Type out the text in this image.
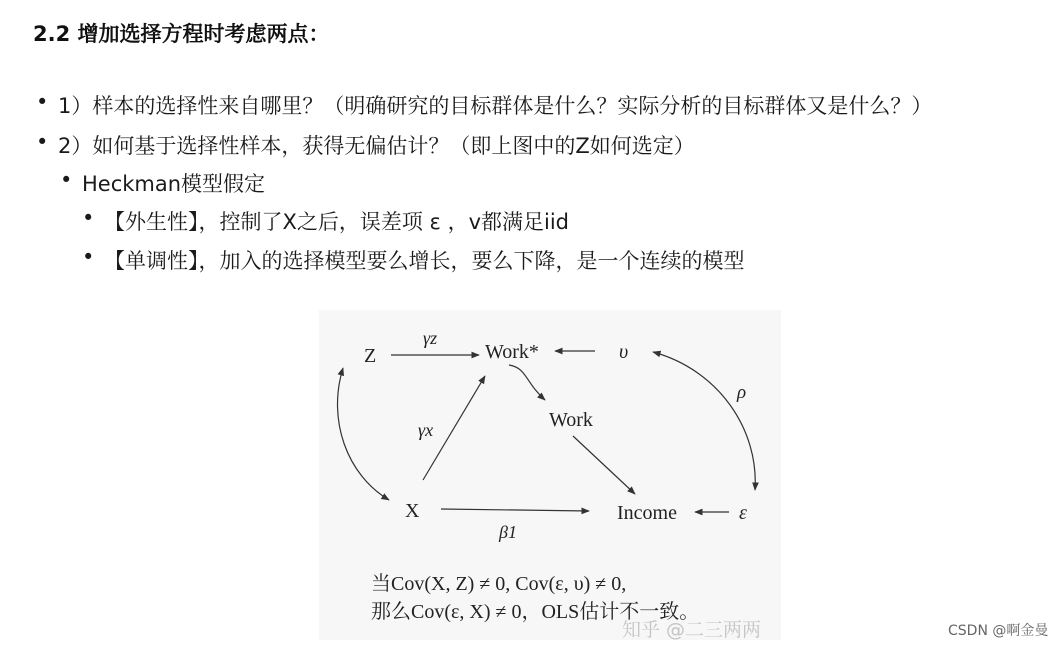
2.2 增加选择方程时考虑两点：
• 1）样本的选择性来自哪里？（明确研究的目标群体是什么？实际分析的目标群体又是什么？）
• 2）如何基于选择性样本，获得无偏估计？（即上图中的Z如何选定）
• Heckman模型假定
• 【外生性】，控制了X之后，误差项 ε ，v都满足iid
• 【单调性】，加入的选择模型要么增长，要么下降，是一个连续的模型
Z	Work*	υ
Work
X	Income	ε
γz
γx
ρ
β1
当Cov(X, Z) ≠ 0, Cov(ε, υ) ≠ 0,
那么Cov(ε, X) ≠ 0，OLS估计不一致。
知乎 @二三两两	CSDN @啊金曼
